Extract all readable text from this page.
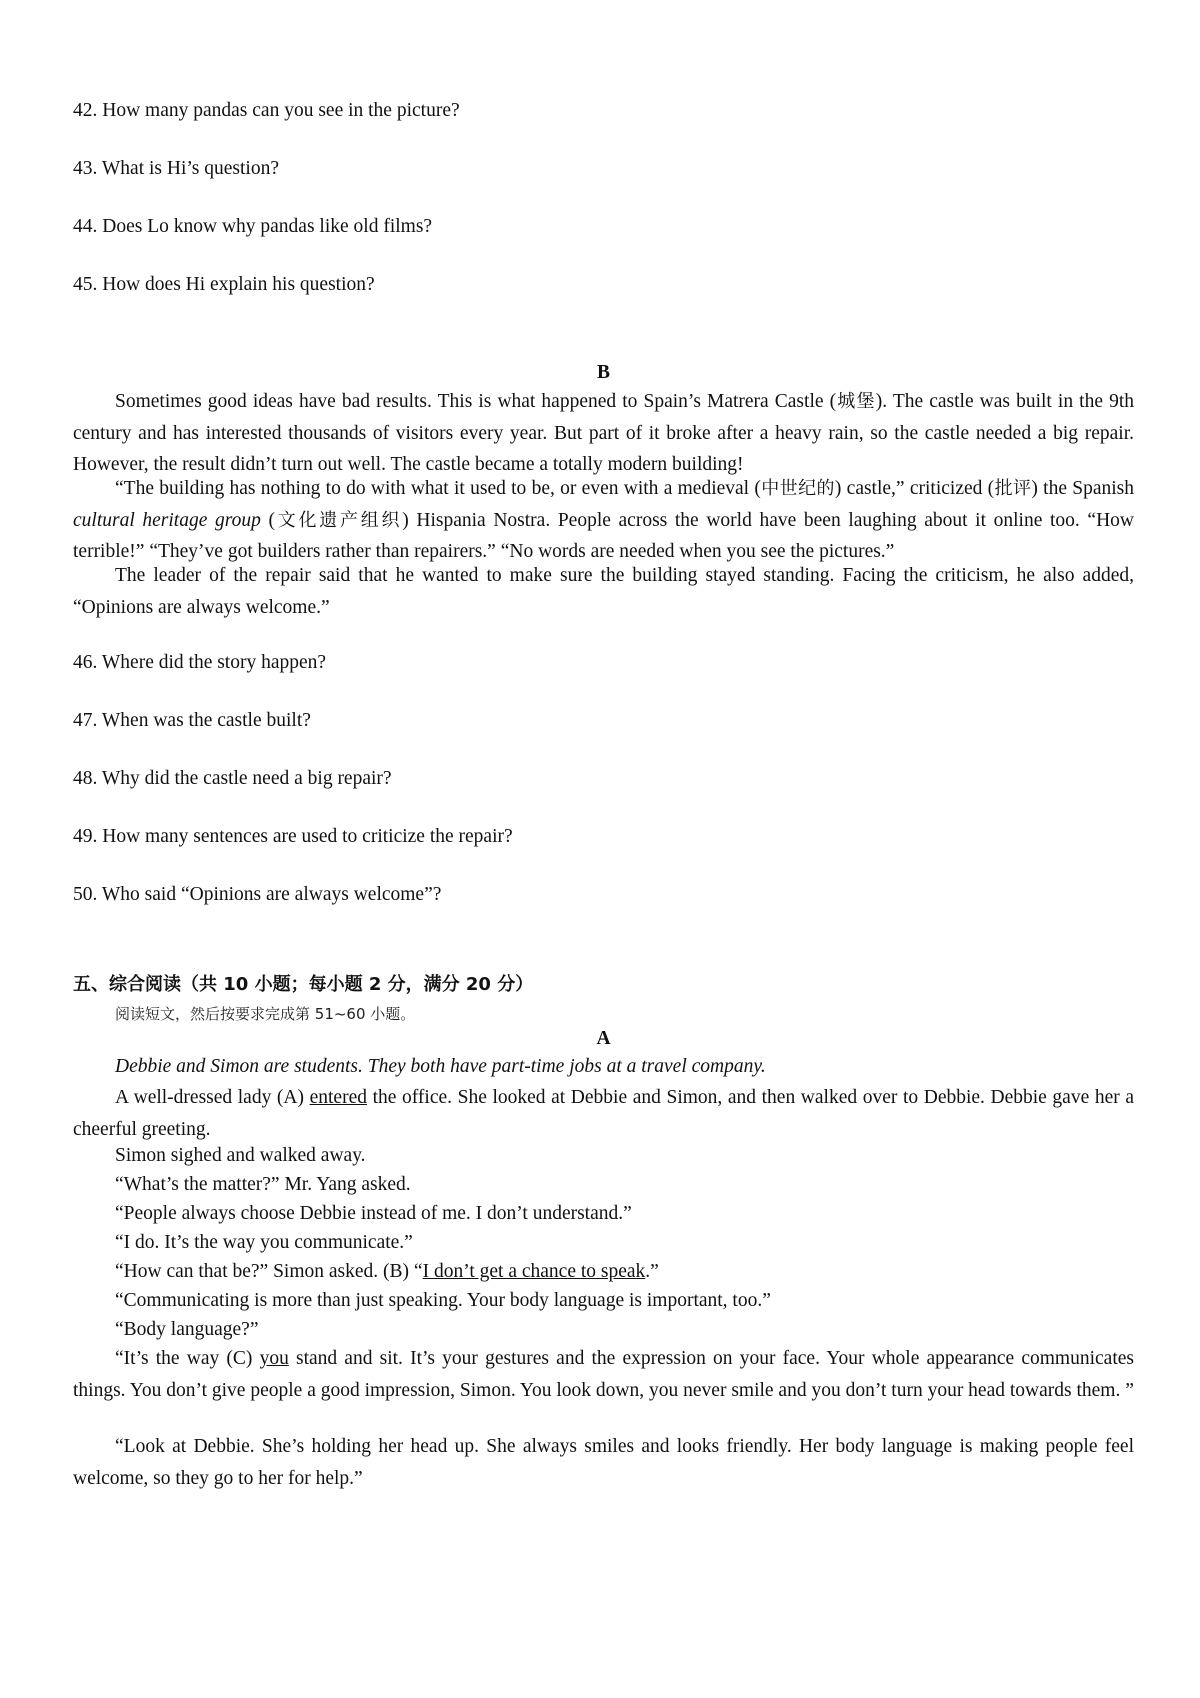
42. How many pandas can you see in the picture?
43. What is Hi’s question?
44. Does Lo know why pandas like old films?
45. How does Hi explain his question?
B

Sometimes good ideas have bad results. This is what happened to Spain’s Matrera Castle (城堡). The castle was built in the 9th century and has interested thousands of visitors every year. But part of it broke after a heavy rain, so the castle needed a big repair. However, the result didn’t turn out well. The castle became a totally modern building!

“The building has nothing to do with what it used to be, or even with a medieval (中世纪的) castle,” criticized (批评) the Spanish cultural heritage group (文化遗产组织) Hispania Nostra. People across the world have been laughing about it online too. “How terrible!” “They’ve got builders rather than repairers.” “No words are needed when you see the pictures.”

The leader of the repair said that he wanted to make sure the building stayed standing. Facing the criticism, he also added, “Opinions are always welcome.”

46. Where did the story happen?
47. When was the castle built?
48. Why did the castle need a big repair?
49. How many sentences are used to criticize the repair?
50. Who said “Opinions are always welcome”?
五、综合阅读（共 10 小题；每小题 2 分，满分 20 分）
阅读短文，然后按要求完成第 51~60 小题。
A
Debbie and Simon are students. They both have part-time jobs at a travel company.

A well-dressed lady (A) entered the office. She looked at Debbie and Simon, and then walked over to Debbie. Debbie gave her a cheerful greeting.

Simon sighed and walked away.
“What’s the matter?” Mr. Yang asked.
“People always choose Debbie instead of me. I don’t understand.”
“I do. It’s the way you communicate.”
“How can that be?” Simon asked. (B) “I don’t get a chance to speak.”
“Communicating is more than just speaking. Your body language is important, too.”
“Body language?”

“It’s the way (C) you stand and sit. It’s your gestures and the expression on your face. Your whole appearance communicates things. You don’t give people a good impression, Simon. You look down, you never smile and you don’t turn your head towards them. ”

“Look at Debbie. She’s holding her head up. She always smiles and looks friendly. Her body language is making people feel welcome, so they go to her for help.”
